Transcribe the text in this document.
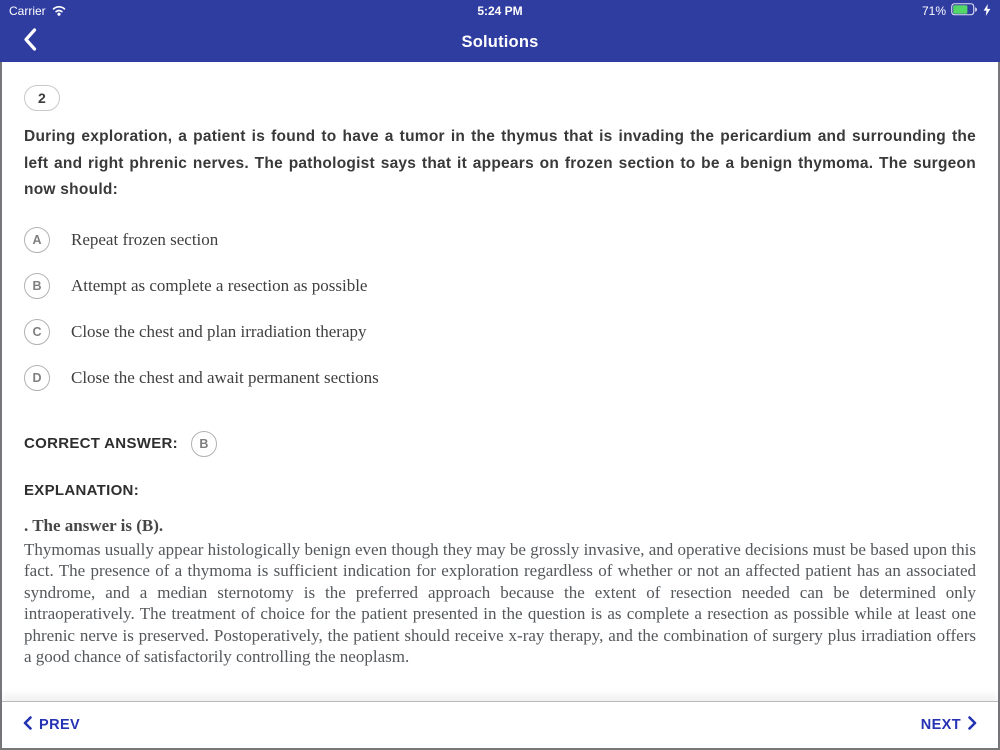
Carrier	5:24 PM	71%
Solutions
2
During exploration, a patient is found to have a tumor in the thymus that is invading the pericardium and surrounding the left and right phrenic nerves. The pathologist says that it appears on frozen section to be a benign thymoma. The surgeon now should:
A	Repeat frozen section
B	Attempt as complete a resection as possible
C	Close the chest and plan irradiation therapy
D	Close the chest and await permanent sections
CORRECT ANSWER:	B
EXPLANATION:
. The answer is (B).
Thymomas usually appear histologically benign even though they may be grossly invasive, and operative decisions must be based upon this fact. The presence of a thymoma is sufficient indication for exploration regardless of whether or not an affected patient has an associated syndrome, and a median sternotomy is the preferred approach because the extent of resection needed can be determined only intraoperatively. The treatment of choice for the patient presented in the question is as complete a resection as possible while at least one phrenic nerve is preserved. Postoperatively, the patient should receive x-ray therapy, and the combination of surgery plus irradiation offers a good chance of satisfactorily controlling the neoplasm.
PREV	NEXT
